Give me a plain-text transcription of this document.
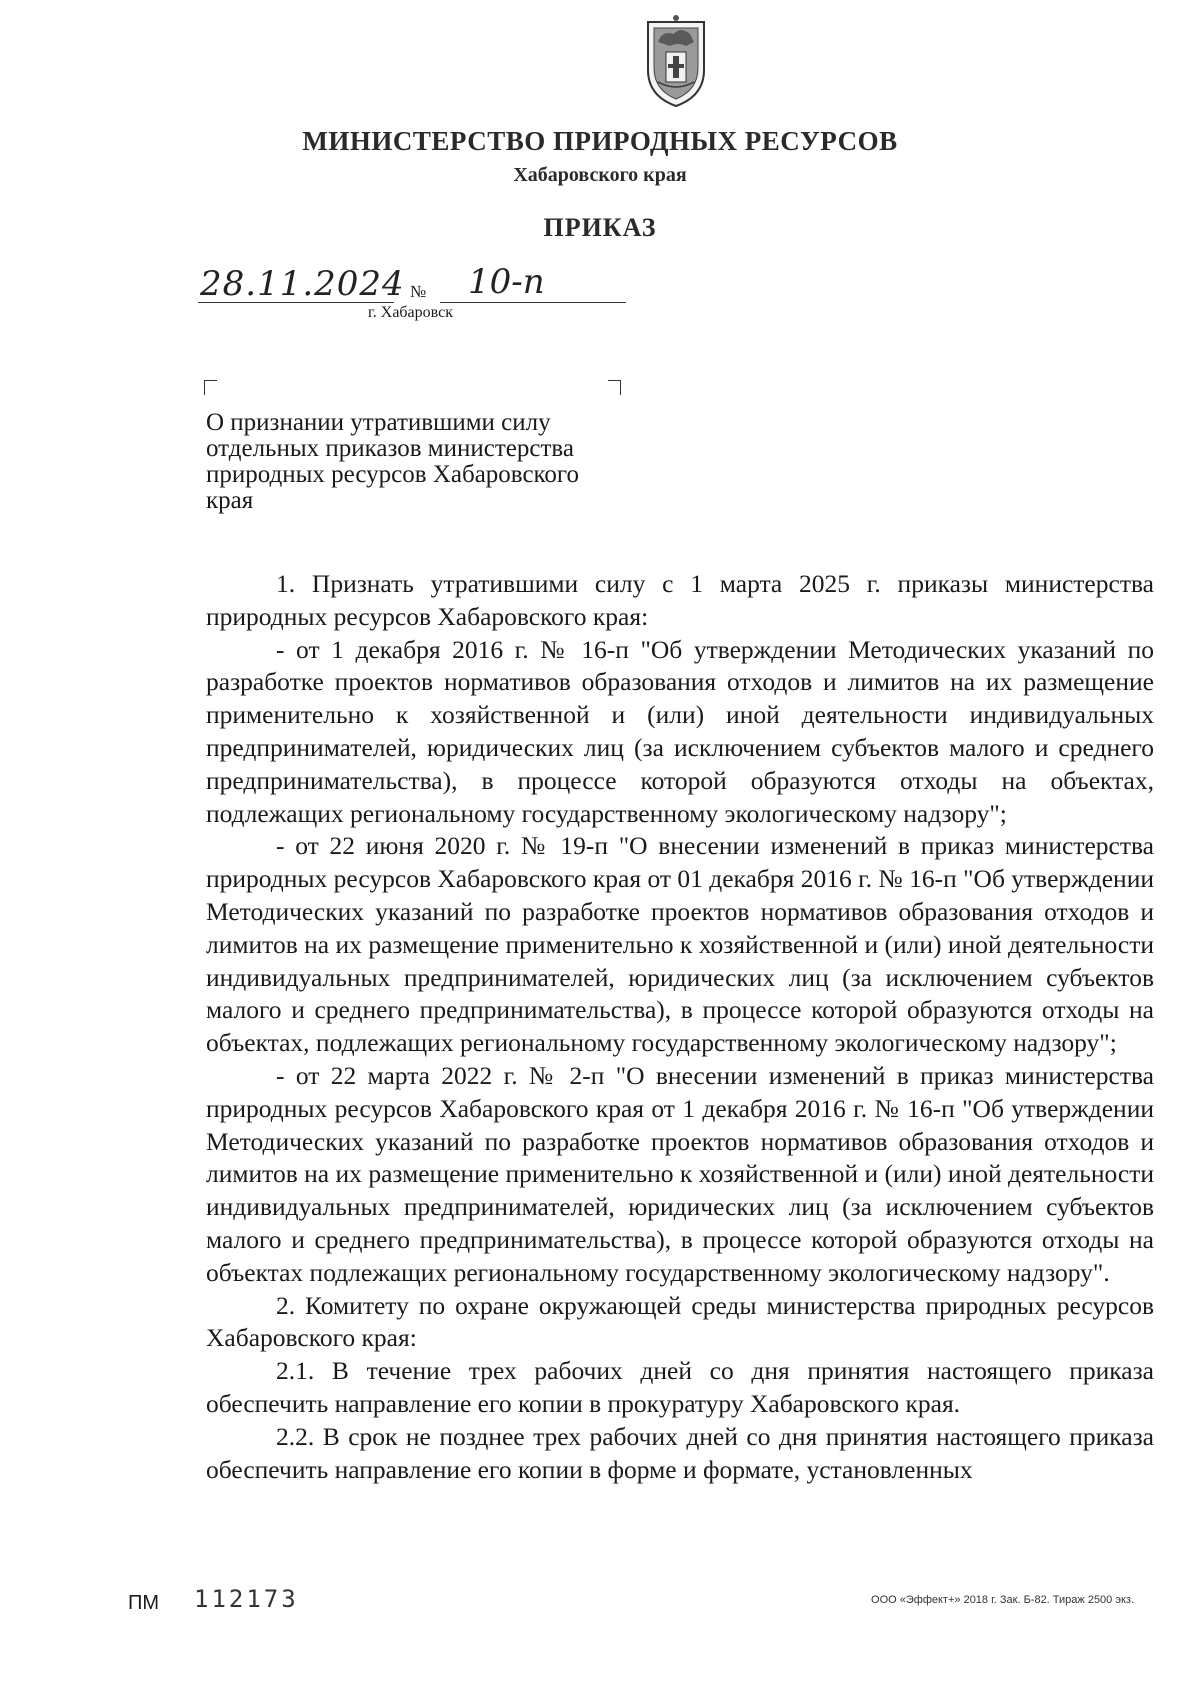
МИНИСТЕРСТВО ПРИРОДНЫХ РЕСУРСОВ
Хабаровского края
ПРИКАЗ
28.11.2024 № 10-п
г. Хабаровск
О признании утратившими силу
отдельных приказов министерства
природных ресурсов Хабаровского
края

1. Признать утратившими силу с 1 марта 2025 г. приказы министерства природных ресурсов Хабаровского края:

- от 1 декабря 2016 г. № 16-п "Об утверждении Методических указаний по разработке проектов нормативов образования отходов и лимитов на их размещение применительно к хозяйственной и (или) иной деятельности индивидуальных предпринимателей, юридических лиц (за исключением субъектов малого и среднего предпринимательства), в процессе которой образуются отходы на объектах, подлежащих региональному государственному экологическому надзору";

- от 22 июня 2020 г. № 19-п "О внесении изменений в приказ министерства природных ресурсов Хабаровского края от 01 декабря 2016 г. № 16-п "Об утверждении Методических указаний по разработке проектов нормативов образования отходов и лимитов на их размещение применительно к хозяйственной и (или) иной деятельности индивидуальных предпринимателей, юридических лиц (за исключением субъектов малого и среднего предпринимательства), в процессе которой образуются отходы на объектах, подлежащих региональному государственному экологическому надзору";

- от 22 марта 2022 г. № 2-п "О внесении изменений в приказ министерства природных ресурсов Хабаровского края от 1 декабря 2016 г. № 16-п "Об утверждении Методических указаний по разработке проектов нормативов образования отходов и лимитов на их размещение применительно к хозяйственной и (или) иной деятельности индивидуальных предпринимателей, юридических лиц (за исключением субъектов малого и среднего предпринимательства), в процессе которой образуются отходы на объектах подлежащих региональному государственному экологическому надзору".

2. Комитету по охране окружающей среды министерства природных ресурсов Хабаровского края:

2.1. В течение трех рабочих дней со дня принятия настоящего приказа обеспечить направление его копии в прокуратуру Хабаровского края.

2.2. В срок не позднее трех рабочих дней со дня принятия настоящего приказа обеспечить направление его копии в форме и формате, установленных

ПМ 112173	ООО «Эффект+» 2018 г. Зак. Б-82. Тираж 2500 экз.
